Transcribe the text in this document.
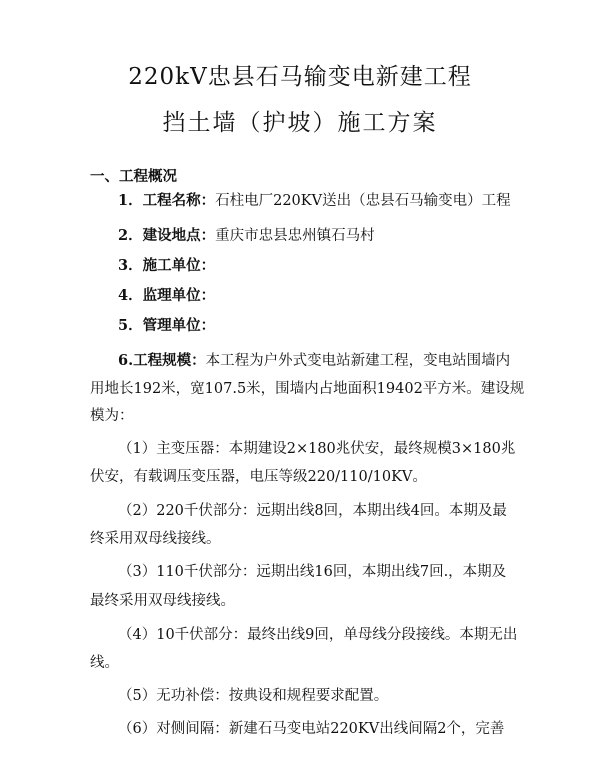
220kV忠县石马输变电新建工程
挡土墙（护坡）施工方案
一、工程概况
1．工程名称：石柱电厂220KV送出（忠县石马输变电）工程
2．建设地点：重庆市忠县忠州镇石马村
3．施工单位：
4．监理单位：
5．管理单位：
6.工程规模：本工程为户外式变电站新建工程，变电站围墙内
用地长192米，宽107.5米，围墙内占地面积19402平方米。建设规
模为：
（1）主变压器：本期建设2×180兆伏安，最终规模3×180兆
伏安，有载调压变压器，电压等级220/110/10KV。
（2）220千伏部分：远期出线8回，本期出线4回。本期及最
终采用双母线接线。
（3）110千伏部分：远期出线16回，本期出线7回.，本期及
最终采用双母线接线。
（4）10千伏部分：最终出线9回，单母线分段接线。本期无出
线。
（5）无功补偿：按典设和规程要求配置。
（6）对侧间隔：新建石马变电站220KV出线间隔2个，完善
